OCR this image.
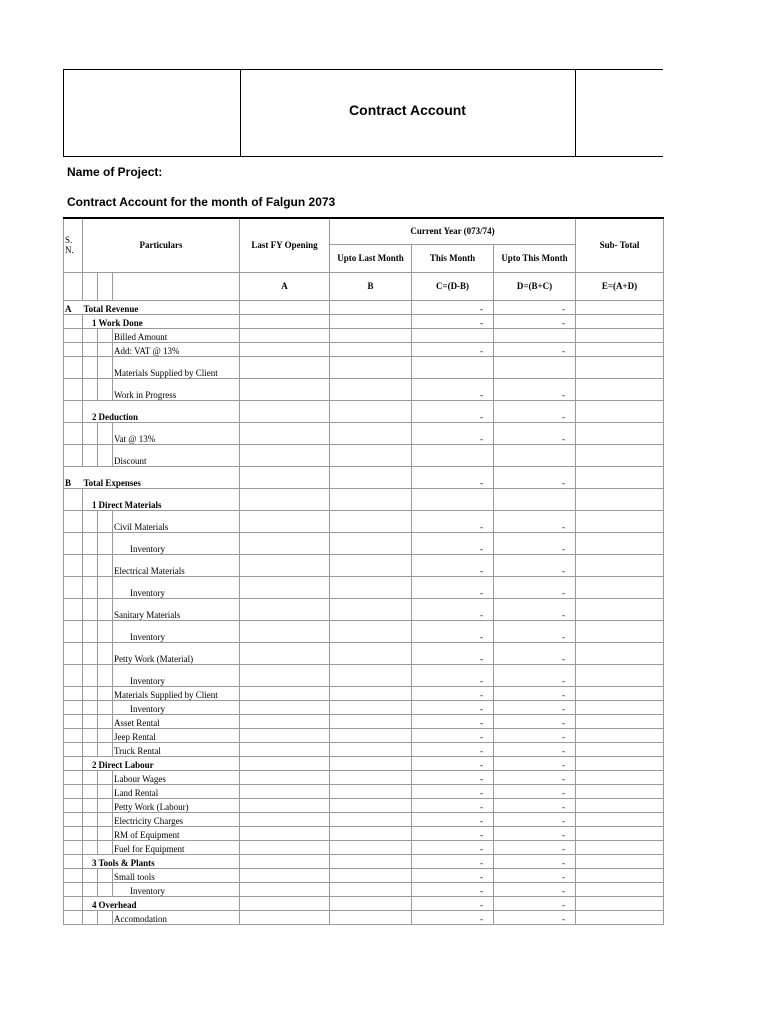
Contract Account
Name of Project:
Contract Account for the month of Falgun 2073
S.
N.	Particulars			Last FY Opening	Current Year (073/74)			Sub- Total
					Upto Last Month	This Month	Upto This Month	
				A	B	C=(D-B)	D=(B+C)	E=(A+D)
A	Total Revenue					-	-	
	1	Work Done				-	-	
			Billed Amount					
			Add: VAT @ 13%			-	-	
			Materials Supplied by Client					
			Work in Progress			-	-	
	2	Deduction				-	-	
			Vat @ 13%			-	-	
			Discount					
B	Total Expenses					-	-	
	1	Direct Materials						
			Civil Materials			-	-	
			Inventory			-	-	
			Electrical Materials			-	-	
			Inventory			-	-	
			Sanitary Materials			-	-	
			Inventory			-	-	
			Petty Work (Material)			-	-	
			Inventory			-	-	
			Materials Supplied by Client			-	-	
			Inventory			-	-	
			Asset Rental			-	-	
			Jeep Rental			-	-	
			Truck Rental			-	-	
	2	Direct Labour				-	-	
			Labour Wages			-	-	
			Land Rental			-	-	
			Petty Work (Labour)			-	-	
			Electricity Charges			-	-	
			RM of Equipment			-	-	
			Fuel for Equipment			-	-	
	3	Tools & Plants				-	-	
			Small tools			-	-	
			Inventory			-	-	
	4	Overhead				-	-	
			Accomodation			-	-	
